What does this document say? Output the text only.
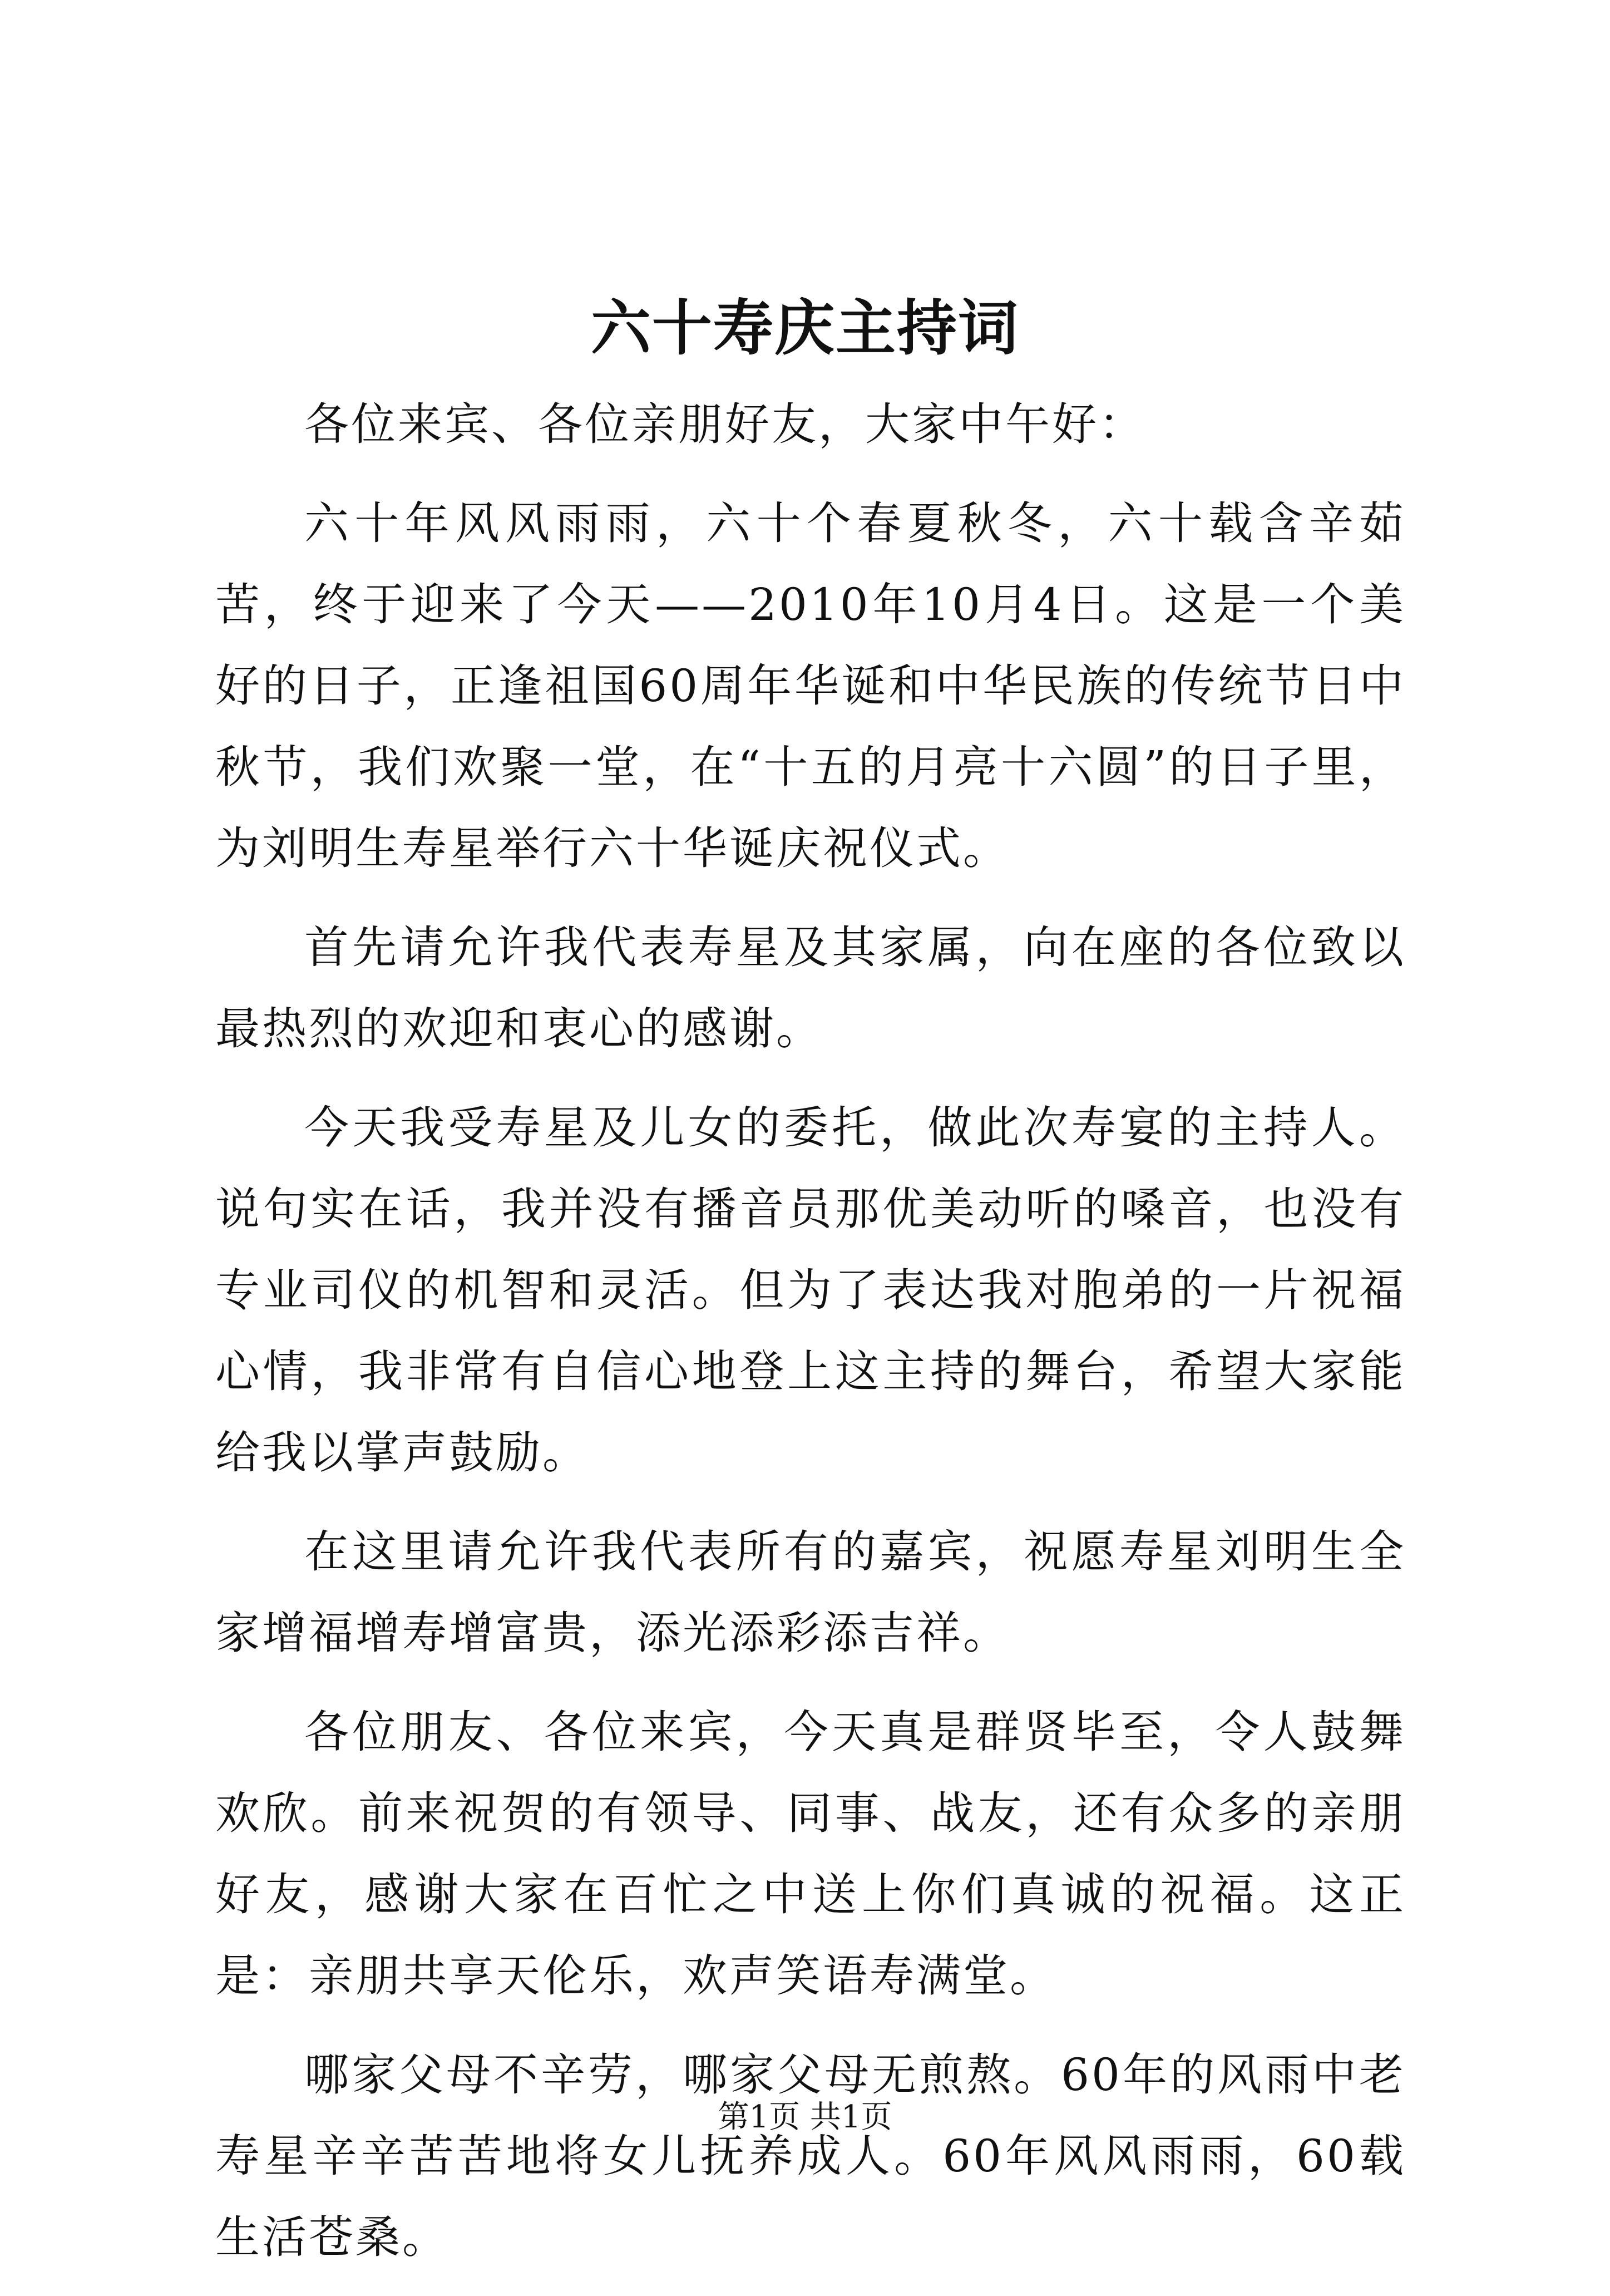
六十寿庆主持词

各位来宾、各位亲朋好友，大家中午好：

六十年风风雨雨，六十个春夏秋冬，六十载含辛茹苦，终于迎来了今天——2010年10月4日。这是一个美好的日子，正逢祖国60周年华诞和中华民族的传统节日中秋节，我们欢聚一堂，在“十五的月亮十六圆”的日子里，为刘明生寿星举行六十华诞庆祝仪式。

首先请允许我代表寿星及其家属，向在座的各位致以最热烈的欢迎和衷心的感谢。

今天我受寿星及儿女的委托，做此次寿宴的主持人。说句实在话，我并没有播音员那优美动听的嗓音，也没有专业司仪的机智和灵活。但为了表达我对胞弟的一片祝福心情，我非常有自信心地登上这主持的舞台，希望大家能给我以掌声鼓励。

在这里请允许我代表所有的嘉宾，祝愿寿星刘明生全家增福增寿增富贵，添光添彩添吉祥。

各位朋友、各位来宾，今天真是群贤毕至，令人鼓舞欢欣。前来祝贺的有领导、同事、战友，还有众多的亲朋好友，感谢大家在百忙之中送上你们真诚的祝福。这正是：亲朋共享天伦乐，欢声笑语寿满堂。

哪家父母不辛劳，哪家父母无煎熬。60年的风雨中老寿星辛辛苦苦地将女儿抚养成人。60年风风雨雨，60载生活苍桑。

第1页 共1页
